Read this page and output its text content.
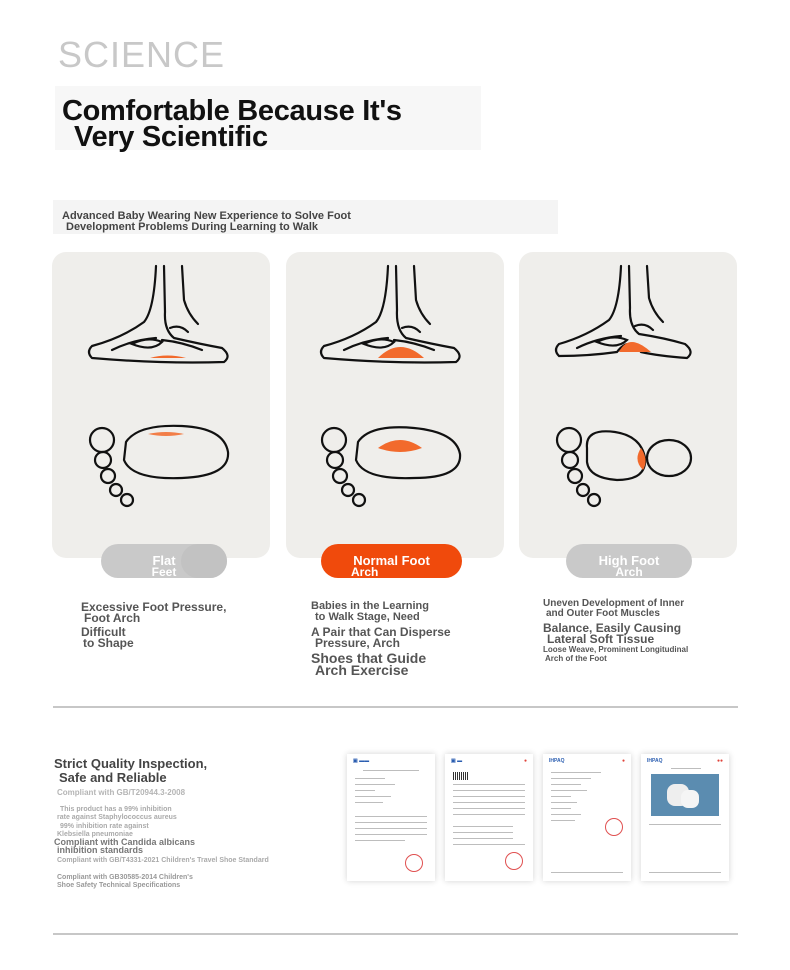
SCIENCE
Comfortable Because It's
Very Scientific
Advanced Baby Wearing New Experience to Solve Foot
Development Problems During Learning to Walk
Flat
Feet
Normal Foot
Arch
High Foot
Arch
Excessive Foot Pressure,
Foot Arch
Difficult
to Shape
Babies in the Learning
to Walk Stage, Need
A Pair that Can Disperse
Pressure, Arch
Shoes that Guide
Arch Exercise
Uneven Development of Inner
and Outer Foot Muscles
Balance, Easily Causing
Lateral Soft Tissue
Loose Weave, Prominent Longitudinal
Arch of the Foot
Strict Quality Inspection,
Safe and Reliable
Compliant with GB/T20944.3-2008
This product has a 99% inhibition
rate against Staphylococcus aureus
99% inhibition rate against
Klebsiella pneumoniae
Compliant with Candida albicans
inhibition standards
Compliant with GB/T4331-2021 Children's Travel Shoe Standard
Compliant with GB30585-2014 Children's
Shoe Safety Technical Specifications
▣ ▬▬	▣ ▬	●	IHPAQ	●	IHPAQ	●●
